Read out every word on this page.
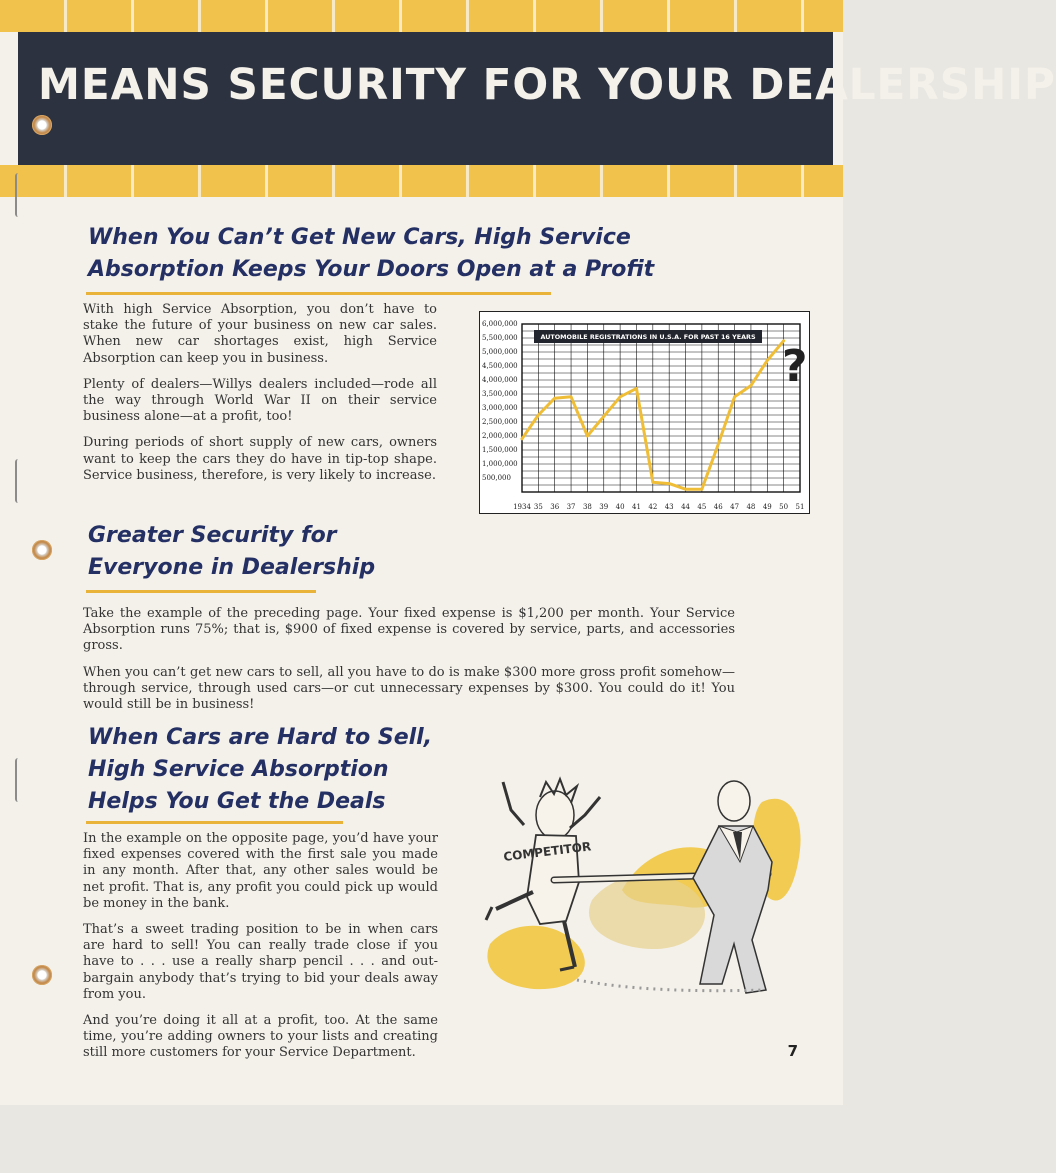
MEANS SECURITY FOR YOUR DEALERSHIP
When You Can’t Get New Cars, High Service
Absorption Keeps Your Doors Open at a Profit

With high Service Absorption, you don’t have to stake the future of your business on new car sales. When new car shortages exist, high Service Absorption can keep you in business.

Plenty of dealers—Willys dealers included—rode all the way through World War II on their service business alone—at a profit, too!

During periods of short supply of new cars, owners want to keep the cars they do have in tip-top shape. Service business, therefore, is very likely to increase.

6,000,000
5,500,000
5,000,000
4,500,000
4,000,000
3,500,000
3,000,000
2,500,000
2,000,000
1,500,000
1,000,000
500,000
1934 35 36 37 38 39 40 41 42 43 44 45 46 47 48 49 50 51
AUTOMOBILE REGISTRATIONS IN U.S.A. FOR PAST 16 YEARS
?
Greater Security for
Everyone in Dealership

Take the example of the preceding page. Your fixed expense is $1,200 per month. Your Service Absorption runs 75%; that is, $900 of fixed expense is covered by service, parts, and accessories gross.

When you can’t get new cars to sell, all you have to do is make $300 more gross profit somehow—through service, through used cars—or cut unnecessary expenses by $300. You could do it! You would still be in business!

When Cars are Hard to Sell,
High Service Absorption
Helps You Get the Deals

In the example on the opposite page, you’d have your fixed expenses covered with the first sale you made in any month. After that, any other sales would be net profit. That is, any profit you could pick up would be money in the bank.

That’s a sweet trading position to be in when cars are hard to sell! You can really trade close if you have to . . . use a really sharp pencil . . . and out-bargain anybody that’s trying to bid your deals away from you.

And you’re doing it all at a profit, too. At the same time, you’re adding owners to your lists and creating still more customers for your Service Department.

COMPETITOR
7
